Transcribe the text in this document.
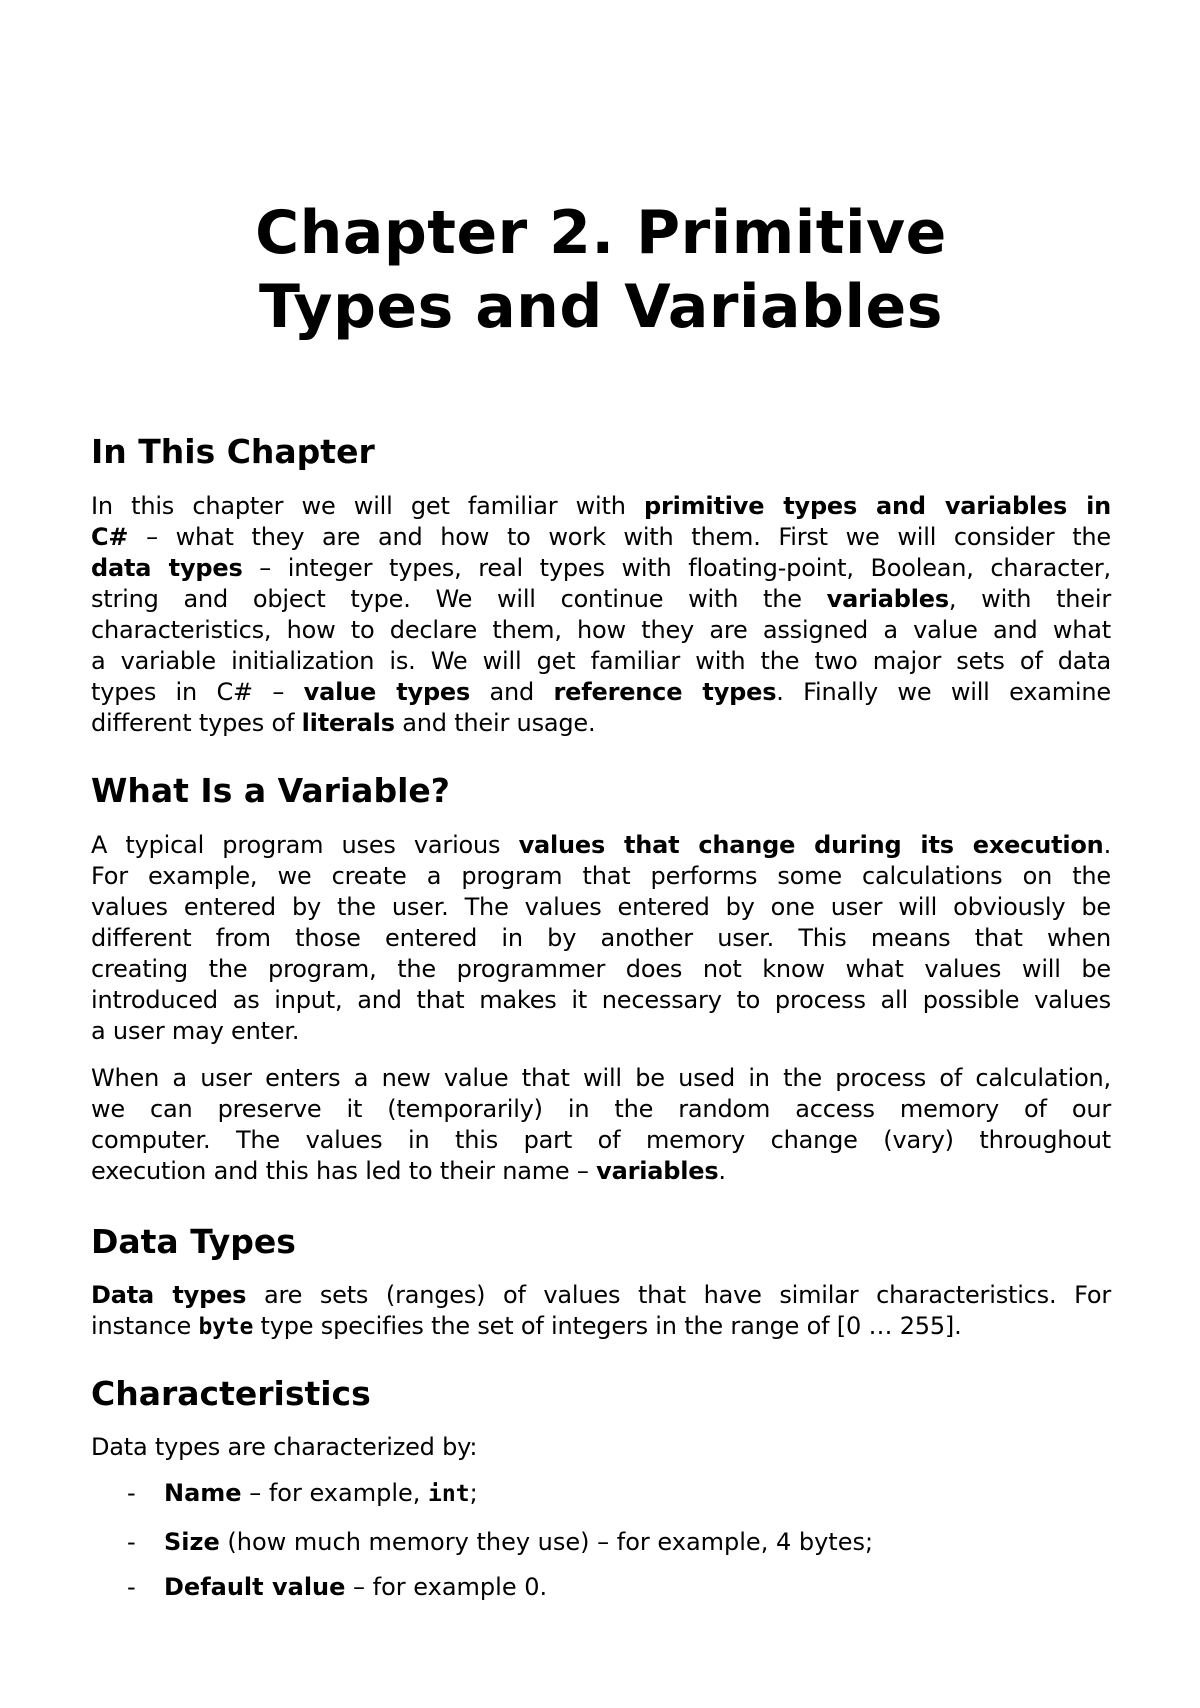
Chapter 2. Primitive
Types and Variables
In This Chapter
In this chapter we will get familiar with primitive types and variables in
C# – what they are and how to work with them. First we will consider the
data types – integer types, real types with floating-point, Boolean, character,
string and object type. We will continue with the variables, with their
characteristics, how to declare them, how they are assigned a value and what
a variable initialization is. We will get familiar with the two major sets of data
types in C# – value types and reference types. Finally we will examine
different types of literals and their usage.
What Is a Variable?
A typical program uses various values that change during its execution.
For example, we create a program that performs some calculations on the
values entered by the user. The values entered by one user will obviously be
different from those entered in by another user. This means that when
creating the program, the programmer does not know what values will be
introduced as input, and that makes it necessary to process all possible values
a user may enter.
When a user enters a new value that will be used in the process of calculation,
we can preserve it (temporarily) in the random access memory of our
computer. The values in this part of memory change (vary) throughout
execution and this has led to their name – variables.
Data Types
Data types are sets (ranges) of values that have similar characteristics. For
instance byte type specifies the set of integers in the range of [0 … 255].
Characteristics
Data types are characterized by:
- Name – for example, int;
- Size (how much memory they use) – for example, 4 bytes;
- Default value – for example 0.
